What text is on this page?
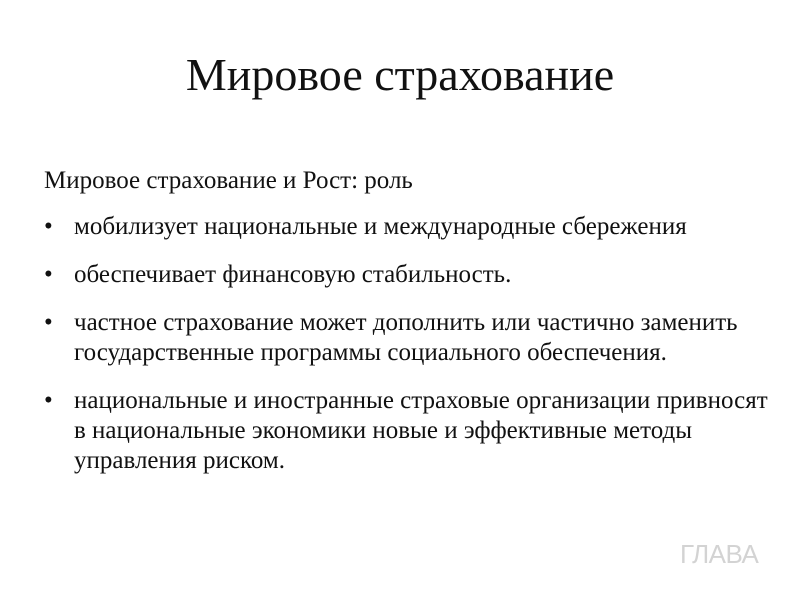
Мировое страхование

Мировое страхование и Рост: роль

• мобилизует национальные и международные сбережения
• обеспечивает финансовую стабильность.
• частное страхование может дополнить или частично заменить государственные программы социального обеспечения.
• национальные и иностранные страховые организации привносят в национальные экономики новые и эффективные методы управления риском.
ГЛАВА
